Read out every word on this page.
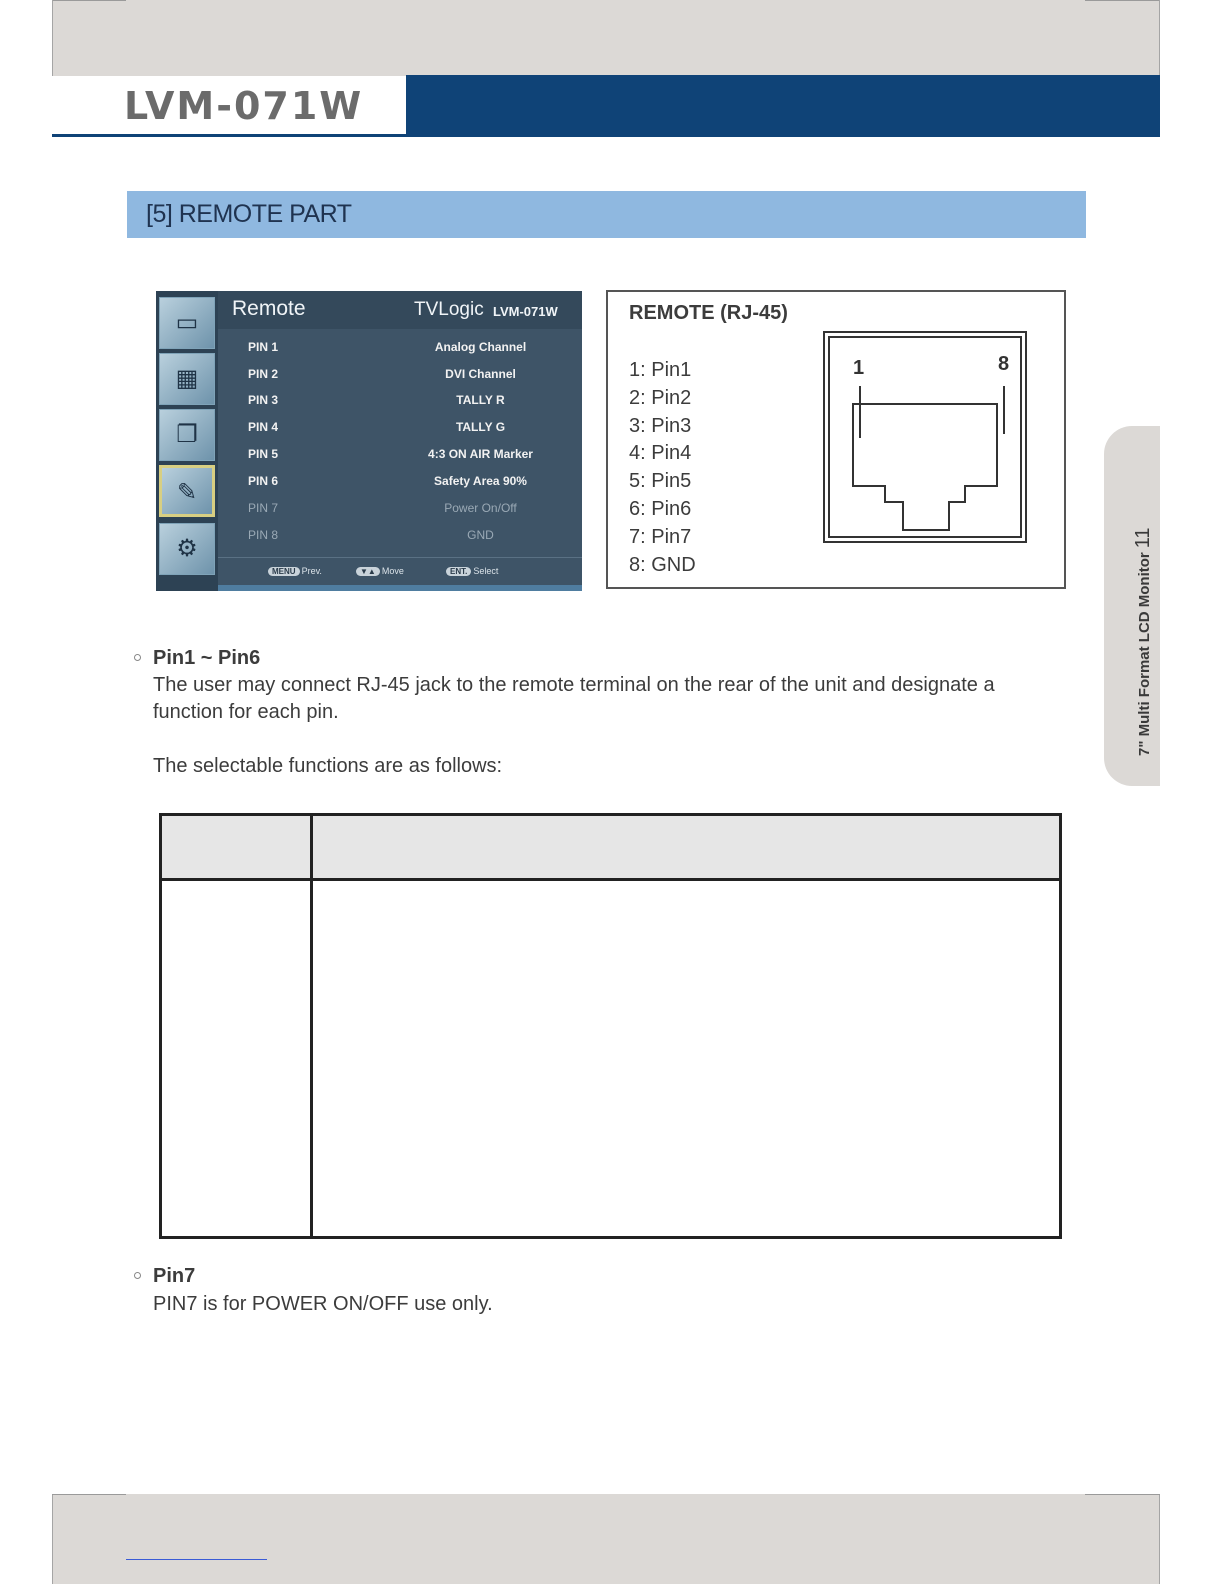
LVM-071W
[5] REMOTE PART
▭
▦
❐
✎
⚙
Remote	TVLogic LVM-071W
PIN 1	Analog Channel
PIN 2	DVI Channel
PIN 3	TALLY R
PIN 4	TALLY G
PIN 5	4:3 ON AIR Marker
PIN 6	Safety Area 90%
PIN 7	Power On/Off
PIN 8	GND
MENU Prev.	▼▲ Move	ENT. Select
REMOTE (RJ-45)
1: Pin1
2: Pin2
3: Pin3
4: Pin4
5: Pin5
6: Pin6
7: Pin7
8: GND
1	8
7" Multi Format LCD Monitor11
Pin1 ~ Pin6
The user may connect RJ-45 jack to the remote terminal on the rear of the unit and designate a
function for each pin.
The selectable functions are as follows:
Pin7
PIN7 is for POWER ON/OFF use only.
